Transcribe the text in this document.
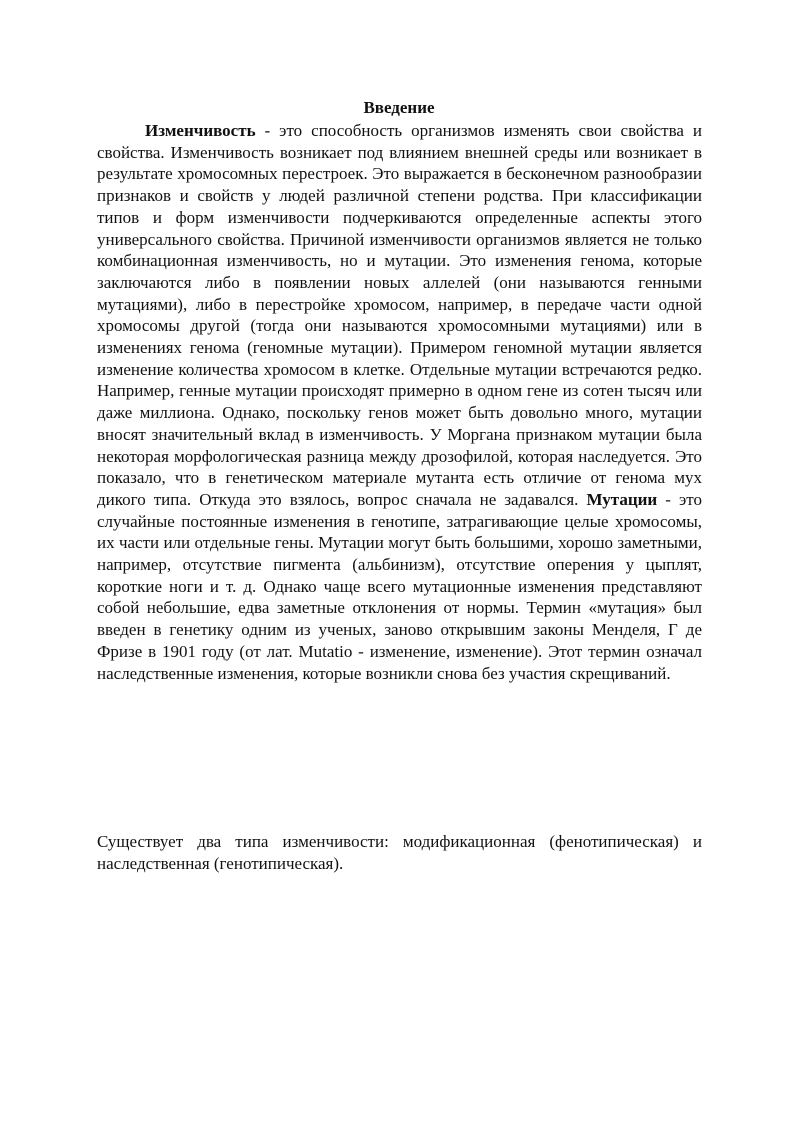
Введение
Изменчивость - это способность организмов изменять свои свойства и свойства. Изменчивость возникает под влиянием внешней среды или возникает в результате хромосомных перестроек. Это выражается в бесконечном разнообразии признаков и свойств у людей различной степени родства. При классификации типов и форм изменчивости подчеркиваются определенные аспекты этого универсального свойства. Причиной изменчивости организмов является не только комбинационная изменчивость, но и мутации. Это изменения генома, которые заключаются либо в появлении новых аллелей (они называются генными мутациями), либо в перестройке хромосом, например, в передаче части одной хромосомы другой (тогда они называются хромосомными мутациями) или в изменениях генома (геномные мутации). Примером геномной мутации является изменение количества хромосом в клетке. Отдельные мутации встречаются редко. Например, генные мутации происходят примерно в одном гене из сотен тысяч или даже миллиона. Однако, поскольку генов может быть довольно много, мутации вносят значительный вклад в изменчивость. У Моргана признаком мутации была некоторая морфологическая разница между дрозофилой, которая наследуется. Это показало, что в генетическом материале мутанта есть отличие от генома мух дикого типа. Откуда это взялось, вопрос сначала не задавался. Мутации - это случайные постоянные изменения в генотипе, затрагивающие целые хромосомы, их части или отдельные гены. Мутации могут быть большими, хорошо заметными, например, отсутствие пигмента (альбинизм), отсутствие оперения у цыплят, короткие ноги и т. д. Однако чаще всего мутационные изменения представляют собой небольшие, едва заметные отклонения от нормы. Термин «мутация» был введен в генетику одним из ученых, заново открывшим законы Менделя, Г де Фризе в 1901 году (от лат. Mutatio - изменение, изменение). Этот термин означал наследственные изменения, которые возникли снова без участия скрещиваний.
Существует два типа изменчивости: модификационная (фенотипическая) и наследственная (генотипическая).
